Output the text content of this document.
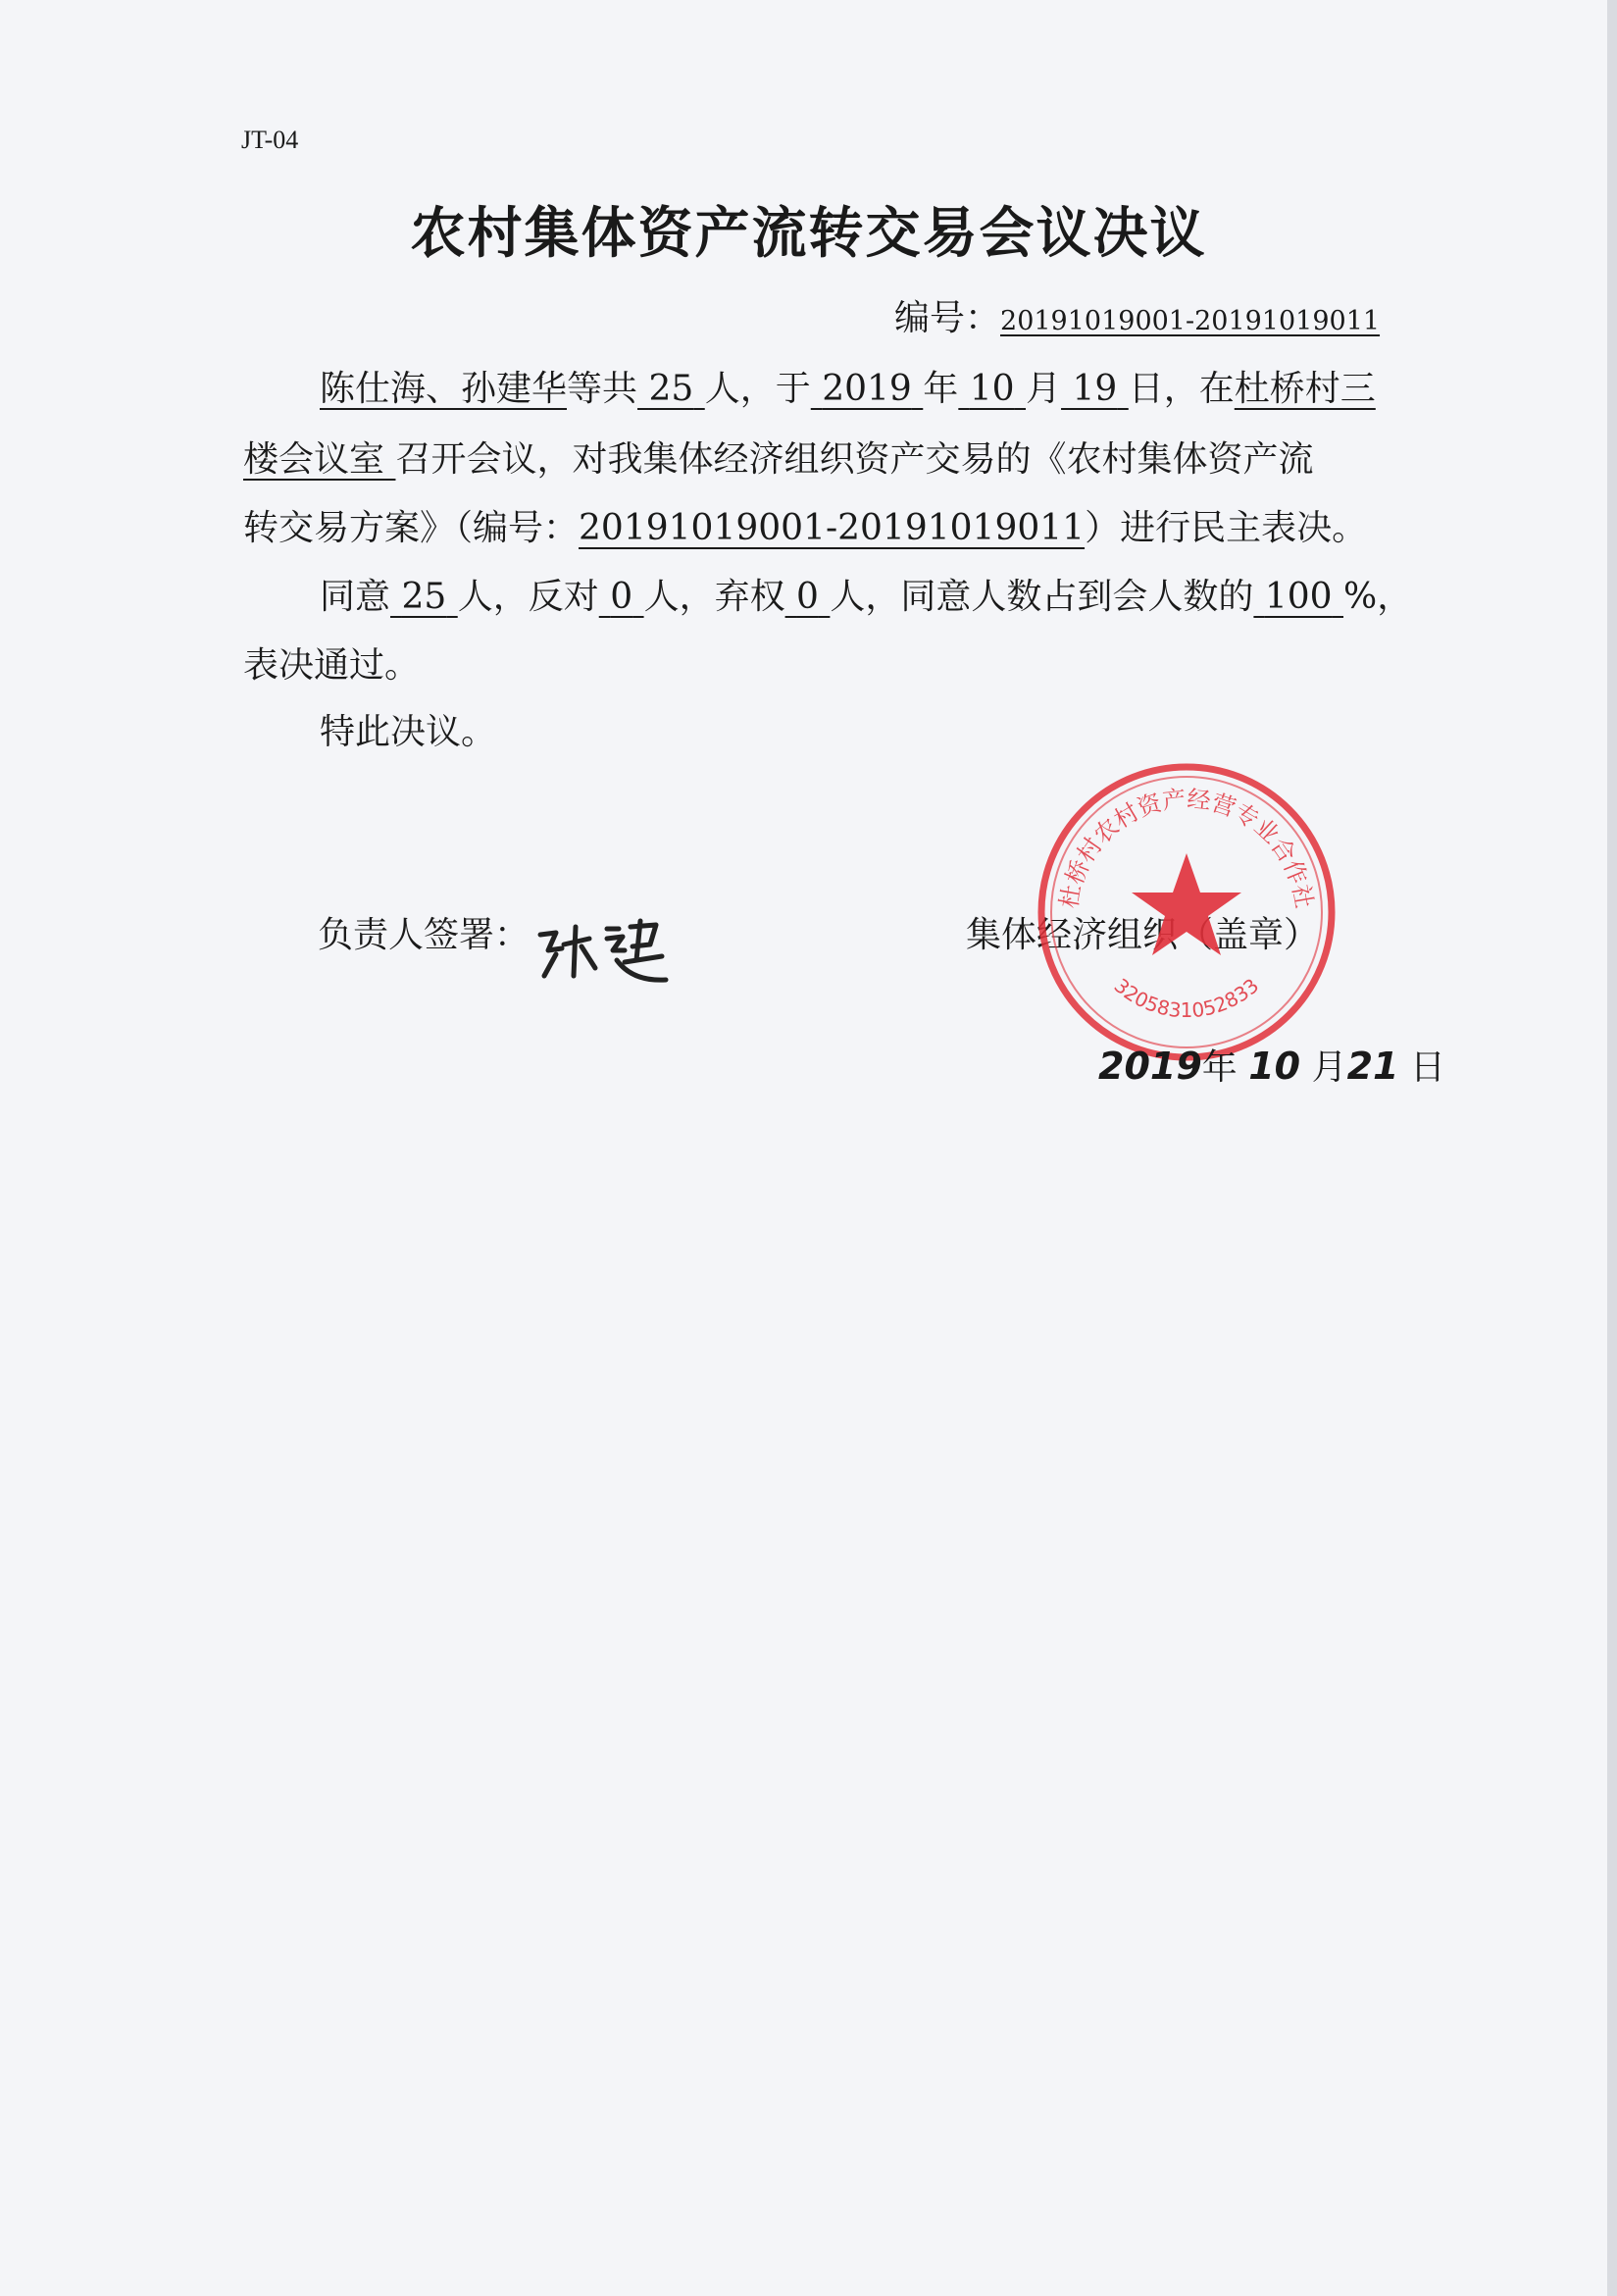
JT-04
农村集体资产流转交易会议决议
编号：20191019001-20191019011
陈仕海、孙建华等共 25 人，于 2019 年 10 月 19 日，在杜桥村三
楼会议室 召开会议，对我集体经济组织资产交易的《农村集体资产流
转交易方案》（编号：20191019001-20191019011）进行民主表决。
同意 25 人，反对 0 人，弃权 0 人，同意人数占到会人数的 100 %，
表决通过。
特此决议。
负责人签署：	集体经济组织（盖章）
杜桥村农村资产经营专业合作社
3205831052833
2019年 10 月21 日
